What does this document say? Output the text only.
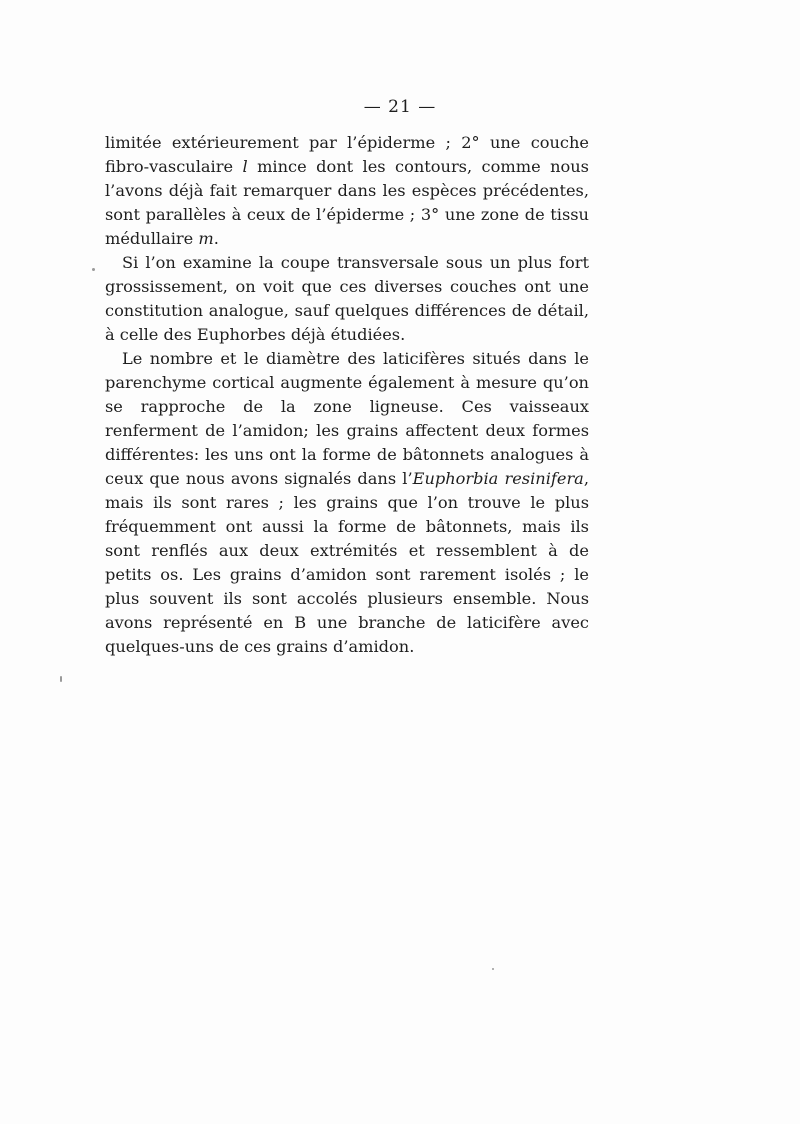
— 21 —

limitée extérieurement par l’épiderme ; 2° une couche fibro-vasculaire l mince dont les contours, comme nous l’avons déjà fait remarquer dans les espèces précédentes, sont parallèles à ceux de l’épiderme ; 3° une zone de tissu médullaire m.

Si l’on examine la coupe transversale sous un plus fort grossissement, on voit que ces diverses couches ont une constitution analogue, sauf quelques différences de détail, à celle des Euphorbes déjà étudiées.

Le nombre et le diamètre des laticifères situés dans le parenchyme cortical augmente également à mesure qu’on se rapproche de la zone ligneuse. Ces vaisseaux renferment de l’amidon; les grains affectent deux formes différentes: les uns ont la forme de bâtonnets analogues à ceux que nous avons signalés dans l’Euphorbia resinifera, mais ils sont rares ; les grains que l’on trouve le plus fréquemment ont aussi la forme de bâtonnets, mais ils sont renflés aux deux extrémités et ressemblent à de petits os. Les grains d’amidon sont rarement isolés ; le plus souvent ils sont accolés plusieurs ensemble. Nous avons représenté en B une branche de laticifère avec quelques-uns de ces grains d’amidon.
